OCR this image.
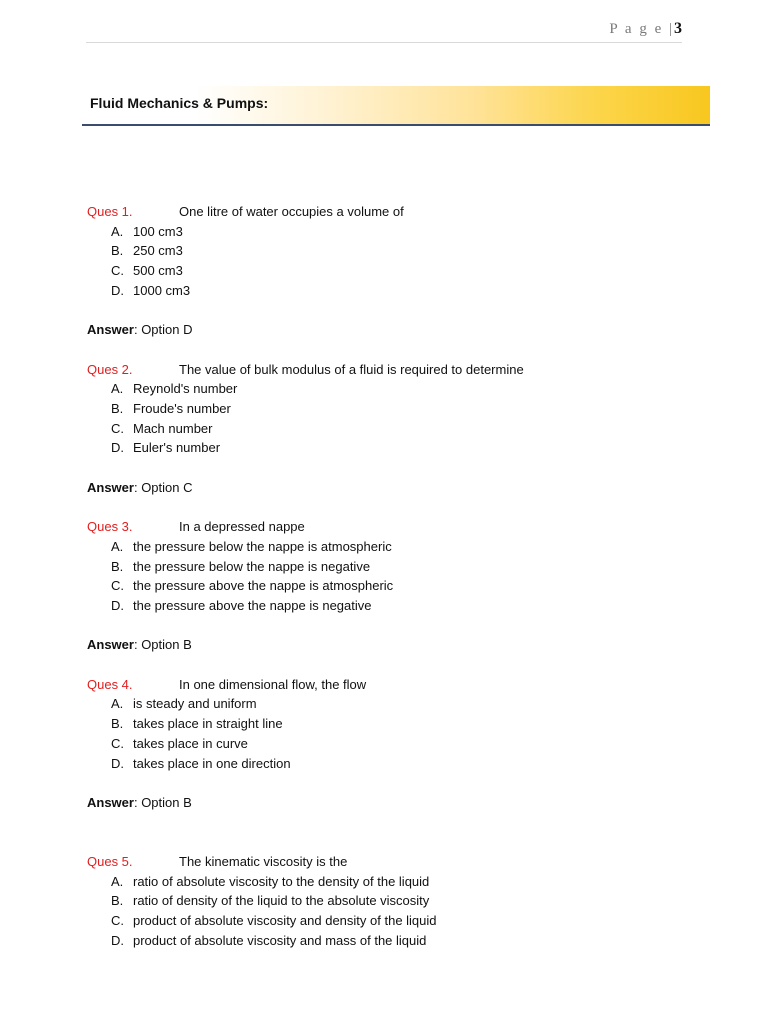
P a g e |3
Fluid Mechanics & Pumps:
Ques 1.	One litre of water occupies a volume of
A. 100 cm3
B. 250 cm3
C. 500 cm3
D. 1000 cm3
Answer: Option D
Ques 2.	The value of bulk modulus of a fluid is required to determine
A. Reynold's number
B. Froude's number
C. Mach number
D. Euler's number
Answer: Option C
Ques 3.	In a depressed nappe
A. the pressure below the nappe is atmospheric
B. the pressure below the nappe is negative
C. the pressure above the nappe is atmospheric
D. the pressure above the nappe is negative
Answer: Option B
Ques 4.	In one dimensional flow, the flow
A. is steady and uniform
B. takes place in straight line
C. takes place in curve
D. takes place in one direction
Answer: Option B
Ques 5.	The kinematic viscosity is the
A. ratio of absolute viscosity to the density of the liquid
B. ratio of density of the liquid to the absolute viscosity
C. product of absolute viscosity and density of the liquid
D. product of absolute viscosity and mass of the liquid
